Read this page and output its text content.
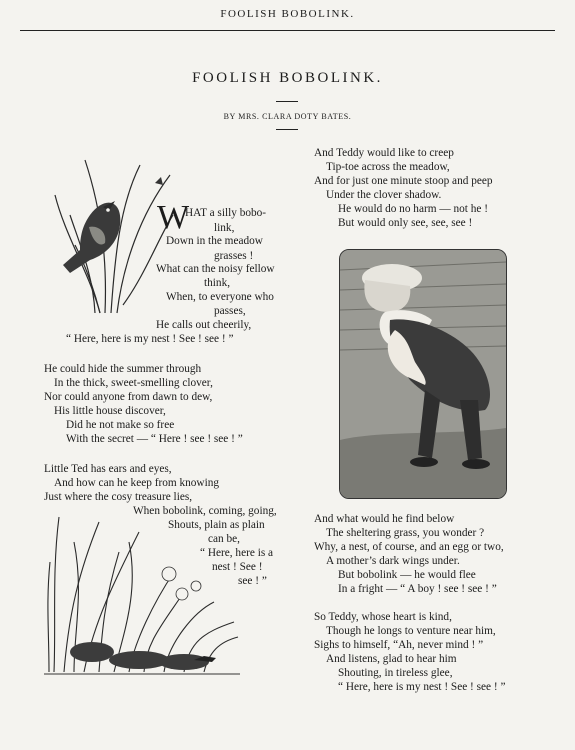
FOOLISH BOBOLINK.
FOOLISH BOBOLINK.
BY MRS. CLARA DOTY BATES.
W
HAT a silly bobo-
link,
Down in the meadow
grasses !
What can the noisy fellow
think,
When, to everyone who
passes,
He calls out cheerily,
“ Here, here is my nest ! See ! see ! ”
He could hide the summer through
In the thick, sweet-smelling clover,
Nor could anyone from dawn to dew,
His little house discover,
Did he not make so free
With the secret — “ Here ! see ! see ! ”
Little Ted has ears and eyes,
And how can he keep from knowing
Just where the cosy treasure lies,
When bobolink, coming, going,
Shouts, plain as plain
can be,
“ Here, here is a
nest ! See !
see ! ”
And Teddy would like to creep
Tip-toe across the meadow,
And for just one minute stoop and peep
Under the clover shadow.
He would do no harm — not he !
But would only see, see, see !
And what would he find below
The sheltering grass, you wonder ?
Why, a nest, of course, and an egg or two,
A mother’s dark wings under.
But bobolink — he would flee
In a fright — “ A boy ! see ! see ! ”
So Teddy, whose heart is kind,
Though he longs to venture near him,
Sighs to himself, “Ah, never mind ! ”
And listens, glad to hear him
Shouting, in tireless glee,
“ Here, here is my nest ! See ! see ! ”
